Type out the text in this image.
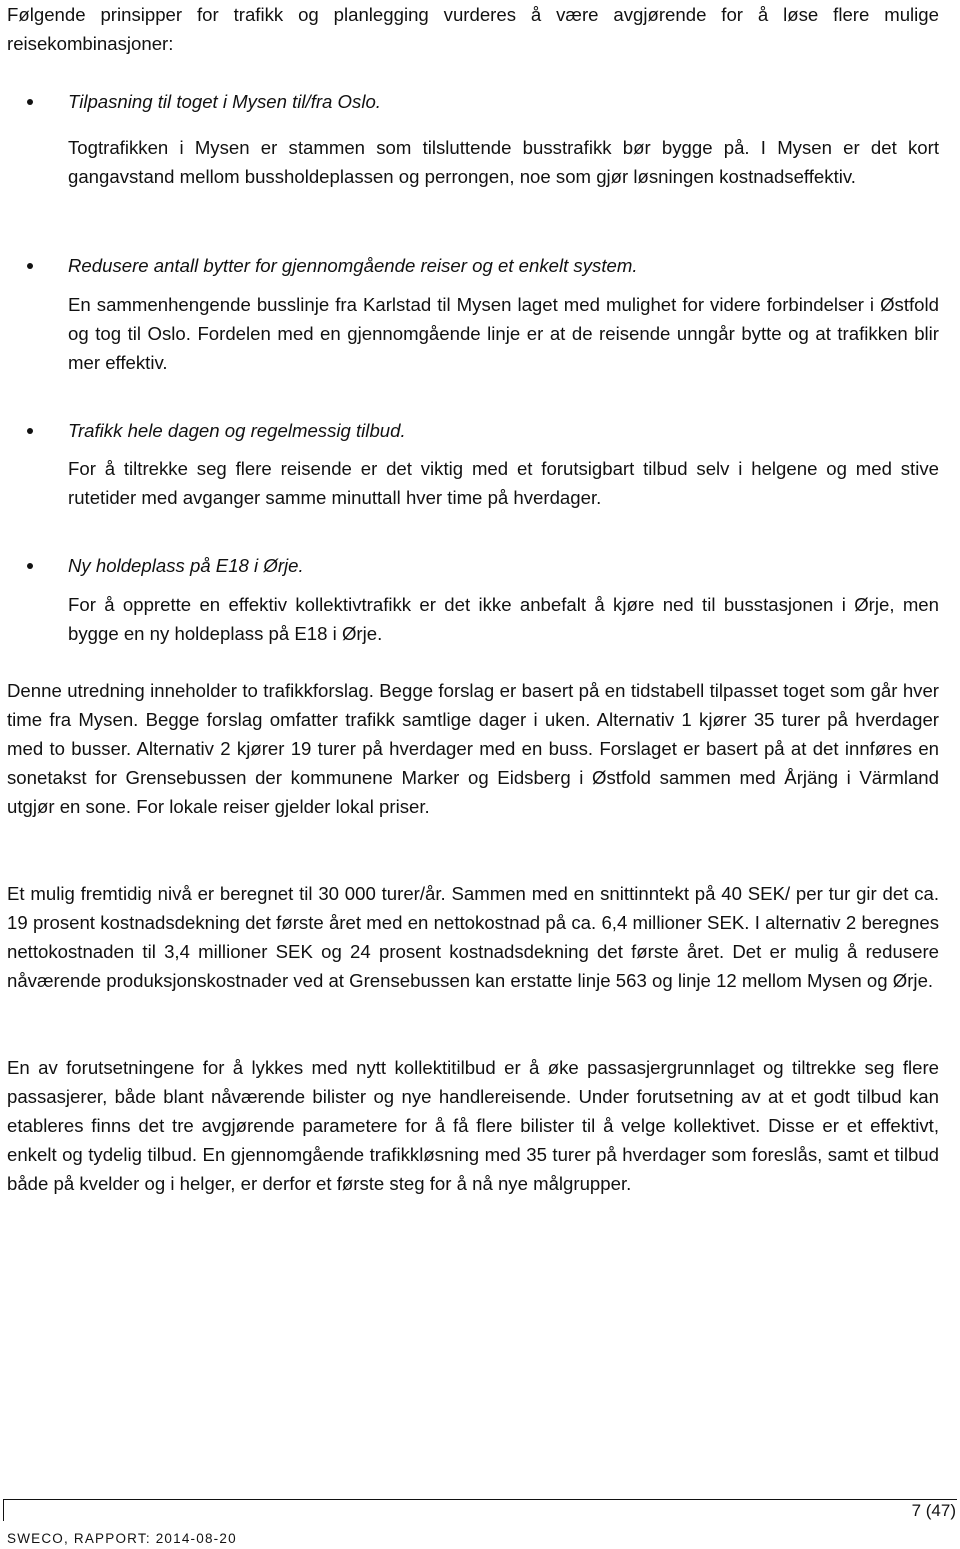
Følgende prinsipper for trafikk og planlegging vurderes å være avgjørende for å løse flere mulige reisekombinasjoner:

Tilpasning til toget i Mysen til/fra Oslo.
Togtrafikken i Mysen er stammen som tilsluttende busstrafikk bør bygge på. I Mysen er det kort gangavstand mellom bussholdeplassen og perrongen, noe som gjør løsningen kostnadseffektiv.
Redusere antall bytter for gjennomgående reiser og et enkelt system.
En sammenhengende busslinje fra Karlstad til Mysen laget med mulighet for videre forbindelser i Østfold og tog til Oslo. Fordelen med en gjennomgående linje er at de reisende unngår bytte og at trafikken blir mer effektiv.
Trafikk hele dagen og regelmessig tilbud.
For å tiltrekke seg flere reisende er det viktig med et forutsigbart tilbud selv i helgene og med stive rutetider med avganger samme minuttall hver time på hverdager.
Ny holdeplass på E18 i Ørje.
For å opprette en effektiv kollektivtrafikk er det ikke anbefalt å kjøre ned til busstasjonen i Ørje, men bygge en ny holdeplass på E18 i Ørje.
Denne utredning inneholder to trafikkforslag. Begge forslag er basert på en tidstabell tilpasset toget som går hver time fra Mysen. Begge forslag omfatter trafikk samtlige dager i uken. Alternativ 1 kjører 35 turer på hverdager med to busser. Alternativ 2 kjører 19 turer på hverdager med en buss. Forslaget er basert på at det innføres en sonetakst for Grensebussen der kommunene Marker og Eidsberg i Østfold sammen med Årjäng i Värmland utgjør en sone. For lokale reiser gjelder lokal priser.
Et mulig fremtidig nivå er beregnet til 30 000 turer/år. Sammen med en snittinntekt på 40 SEK/ per tur gir det ca. 19 prosent kostnadsdekning det første året med en nettokostnad på ca. 6,4 millioner SEK. I alternativ 2 beregnes nettokostnaden til 3,4 millioner SEK og 24 prosent kostnadsdekning det første året. Det er mulig å redusere nåværende produksjonskostnader ved at Grensebussen kan erstatte linje 563 og linje 12 mellom Mysen og Ørje.
En av forutsetningene for å lykkes med nytt kollektitilbud er å øke passasjergrunnlaget og tiltrekke seg flere passasjerer, både blant nåværende bilister og nye handlereisende. Under forutsetning av at et godt tilbud kan etableres finns det tre avgjørende parametere for å få flere bilister til å velge kollektivet. Disse er et effektivt, enkelt og tydelig tilbud. En gjennomgående trafikkløsning med 35 turer på hverdager som foreslås, samt et tilbud både på kvelder og i helger, er derfor et første steg for å nå nye målgrupper.
7 (47)
SWECO, RAPPORT: 2014-08-20
